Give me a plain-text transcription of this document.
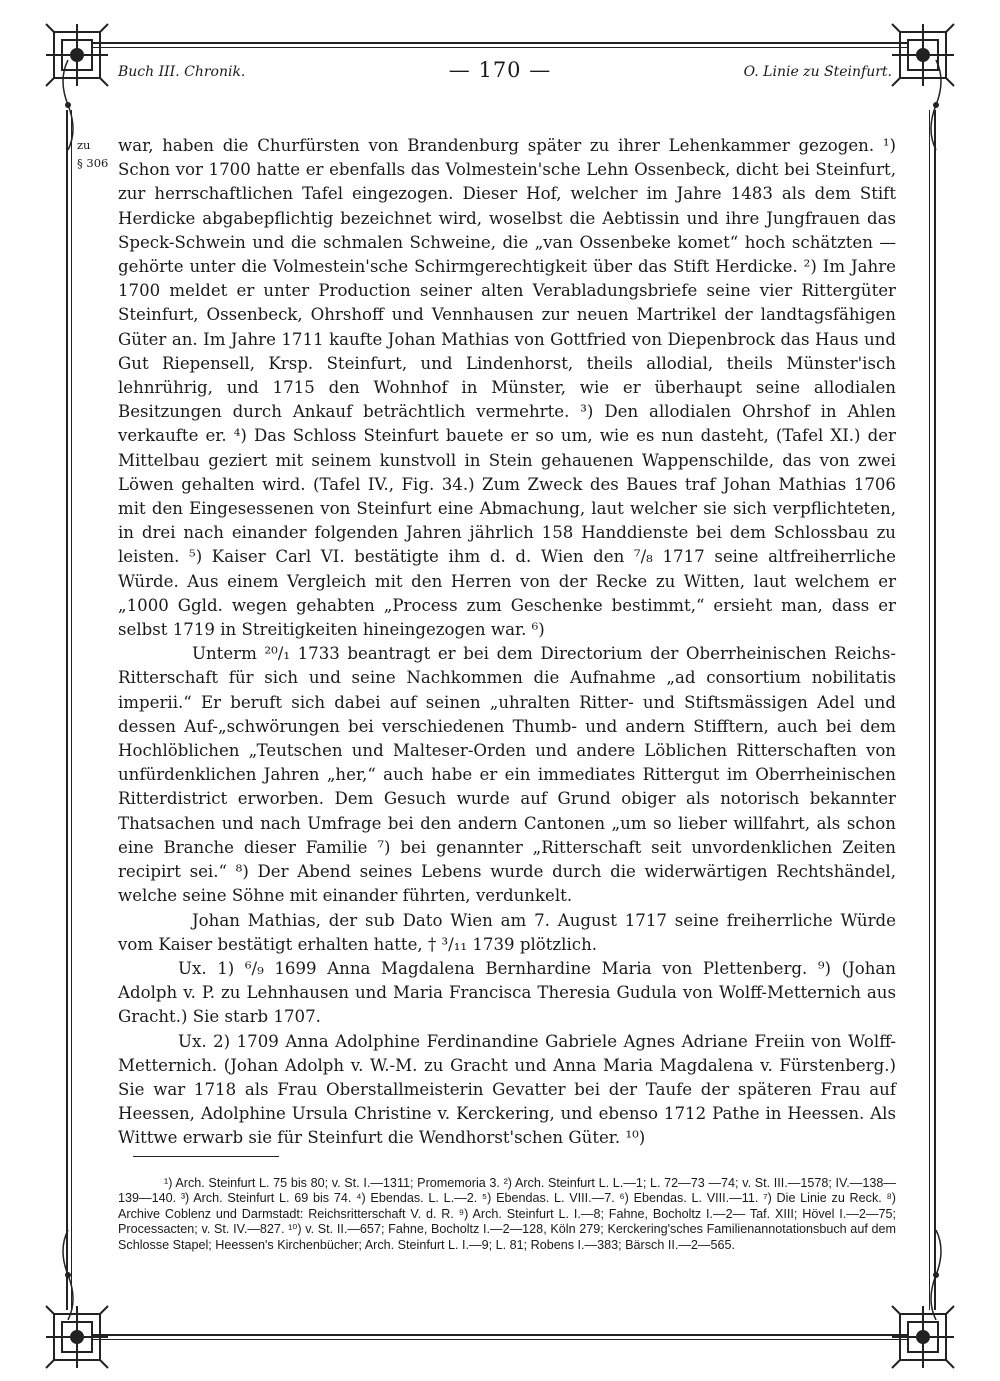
Buch III. Chronik.	— 170 —	O. Linie zu Steinfurt.
zu
§ 306

war, haben die Churfürsten von Brandenburg später zu ihrer Lehenkammer gezogen. ¹) Schon vor 1700 hatte er ebenfalls das Volmestein'sche Lehn Ossenbeck, dicht bei Steinfurt, zur herrschaftlichen Tafel eingezogen. Dieser Hof, welcher im Jahre 1483 als dem Stift Herdicke abgabepflichtig bezeichnet wird, woselbst die Aebtissin und ihre Jungfrauen das Speck-Schwein und die schmalen Schweine, die „van Ossenbeke komet“ hoch schätzten — gehörte unter die Volmestein'sche Schirmgerechtigkeit über das Stift Herdicke. ²) Im Jahre 1700 meldet er unter Production seiner alten Verabladungsbriefe seine vier Rittergüter Steinfurt, Ossenbeck, Ohrshoff und Vennhausen zur neuen Martrikel der landtagsfähigen Güter an. Im Jahre 1711 kaufte Johan Mathias von Gottfried von Diepenbrock das Haus und Gut Riepensell, Krsp. Steinfurt, und Lindenhorst, theils allodial, theils Münster'isch lehnrührig, und 1715 den Wohnhof in Münster, wie er überhaupt seine allodialen Besitzungen durch Ankauf beträchtlich vermehrte. ³) Den allodialen Ohrshof in Ahlen verkaufte er. ⁴) Das Schloss Steinfurt bauete er so um, wie es nun dasteht, (Tafel XI.) der Mittelbau geziert mit seinem kunstvoll in Stein gehauenen Wappenschilde, das von zwei Löwen gehalten wird. (Tafel IV., Fig. 34.) Zum Zweck des Baues traf Johan Mathias 1706 mit den Eingesessenen von Steinfurt eine Abmachung, laut welcher sie sich verpflichteten, in drei nach einander folgenden Jahren jährlich 158 Handdienste bei dem Schlossbau zu leisten. ⁵) Kaiser Carl VI. bestätigte ihm d. d. Wien den ⁷/₈ 1717 seine altfreiherrliche Würde. Aus einem Vergleich mit den Herren von der Recke zu Witten, laut welchem er „1000 Ggld. wegen gehabten „Process zum Geschenke bestimmt,“ ersieht man, dass er selbst 1719 in Streitigkeiten hineingezogen war. ⁶)

Unterm ²⁰/₁ 1733 beantragt er bei dem Directorium der Oberrheinischen Reichs-Ritterschaft für sich und seine Nachkommen die Aufnahme „ad consortium nobilitatis imperii.“ Er beruft sich dabei auf seinen „uhralten Ritter- und Stiftsmässigen Adel und dessen Auf-„schwörungen bei verschiedenen Thumb- und andern Stifftern, auch bei dem Hochlöblichen „Teutschen und Malteser-Orden und andere Löblichen Ritterschaften von unfürdenklichen Jahren „her,“ auch habe er ein immediates Rittergut im Oberrheinischen Ritterdistrict erworben. Dem Gesuch wurde auf Grund obiger als notorisch bekannter Thatsachen und nach Umfrage bei den andern Cantonen „um so lieber willfahrt, als schon eine Branche dieser Familie ⁷) bei genannter „Ritterschaft seit unvordenklichen Zeiten recipirt sei.“ ⁸) Der Abend seines Lebens wurde durch die widerwärtigen Rechtshändel, welche seine Söhne mit einander führten, verdunkelt.

Johan Mathias, der sub Dato Wien am 7. August 1717 seine freiherrliche Würde vom Kaiser bestätigt erhalten hatte, † ³/₁₁ 1739 plötzlich.

Ux. 1) ⁶/₉ 1699 Anna Magdalena Bernhardine Maria von Plettenberg. ⁹) (Johan Adolph v. P. zu Lehnhausen und Maria Francisca Theresia Gudula von Wolff-Metternich aus Gracht.) Sie starb 1707.

Ux. 2) 1709 Anna Adolphine Ferdinandine Gabriele Agnes Adriane Freiin von Wolff-Metternich. (Johan Adolph v. W.-M. zu Gracht und Anna Maria Magdalena v. Fürstenberg.) Sie war 1718 als Frau Oberstallmeisterin Gevatter bei der Taufe der späteren Frau auf Heessen, Adolphine Ursula Christine v. Kerckering, und ebenso 1712 Pathe in Heessen. Als Wittwe erwarb sie für Steinfurt die Wendhorst'schen Güter. ¹⁰)

¹) Arch. Steinfurt L. 75 bis 80; v. St. I.—1311; Promemoria 3. ²) Arch. Steinfurt L. L.—1; L. 72—73 —74; v. St. III.—1578; IV.—138—139—140. ³) Arch. Steinfurt L. 69 bis 74. ⁴) Ebendas. L. L.—2. ⁵) Ebendas. L. VIII.—7. ⁶) Ebendas. L. VIII.—11. ⁷) Die Linie zu Reck. ⁸) Archive Coblenz und Darmstadt: Reichsritterschaft V. d. R. ⁹) Arch. Steinfurt L. I.—8; Fahne, Bocholtz I.—2— Taf. XIII; Hövel I.—2—75; Processacten; v. St. IV.—827. ¹⁰) v. St. II.—657; Fahne, Bocholtz I.—2—128, Köln 279; Kerckering'sches Familienannotationsbuch auf dem Schlosse Stapel; Heessen's Kirchenbücher; Arch. Steinfurt L. I.—9; L. 81; Robens I.—383; Bärsch II.—2—565.
